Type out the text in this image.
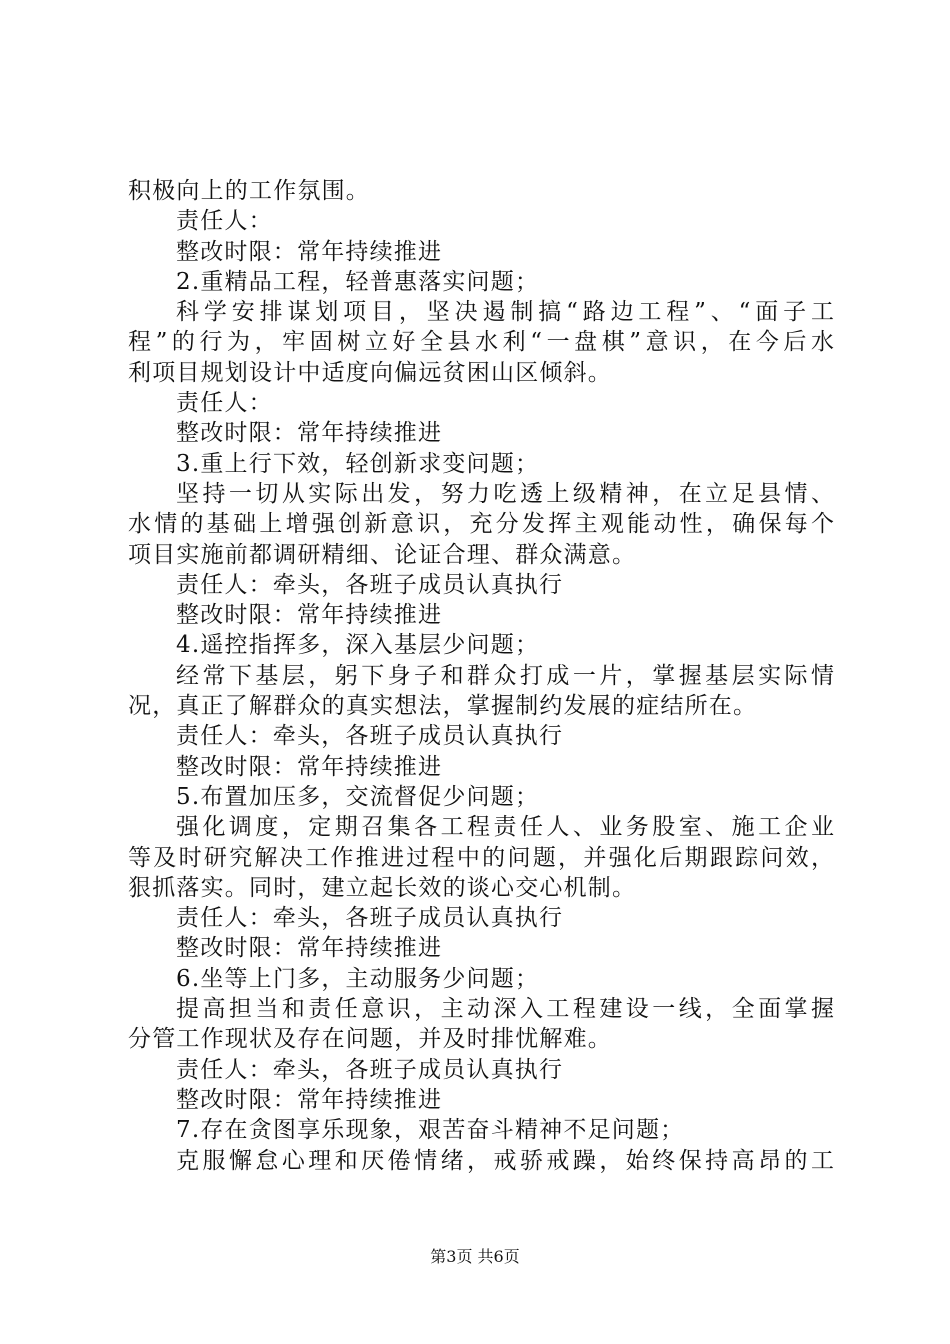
积极向上的工作氛围。
责任人：
整改时限：常年持续推进
2.重精品工程，轻普惠落实问题；
科学安排谋划项目，坚决遏制搞“路边工程”、“面子工
程”的行为，牢固树立好全县水利“一盘棋”意识，在今后水
利项目规划设计中适度向偏远贫困山区倾斜。
责任人：
整改时限：常年持续推进
3.重上行下效，轻创新求变问题；
坚持一切从实际出发，努力吃透上级精神，在立足县情、
水情的基础上增强创新意识，充分发挥主观能动性，确保每个
项目实施前都调研精细、论证合理、群众满意。
责任人：牵头，各班子成员认真执行
整改时限：常年持续推进
4.遥控指挥多，深入基层少问题；
经常下基层，躬下身子和群众打成一片，掌握基层实际情
况，真正了解群众的真实想法，掌握制约发展的症结所在。
责任人：牵头，各班子成员认真执行
整改时限：常年持续推进
5.布置加压多，交流督促少问题；
强化调度，定期召集各工程责任人、业务股室、施工企业
等及时研究解决工作推进过程中的问题，并强化后期跟踪问效，
狠抓落实。同时，建立起长效的谈心交心机制。
责任人：牵头，各班子成员认真执行
整改时限：常年持续推进
6.坐等上门多，主动服务少问题；
提高担当和责任意识，主动深入工程建设一线，全面掌握
分管工作现状及存在问题，并及时排忧解难。
责任人：牵头，各班子成员认真执行
整改时限：常年持续推进
7.存在贪图享乐现象，艰苦奋斗精神不足问题；
克服懈怠心理和厌倦情绪，戒骄戒躁，始终保持高昂的工
第3页 共6页
